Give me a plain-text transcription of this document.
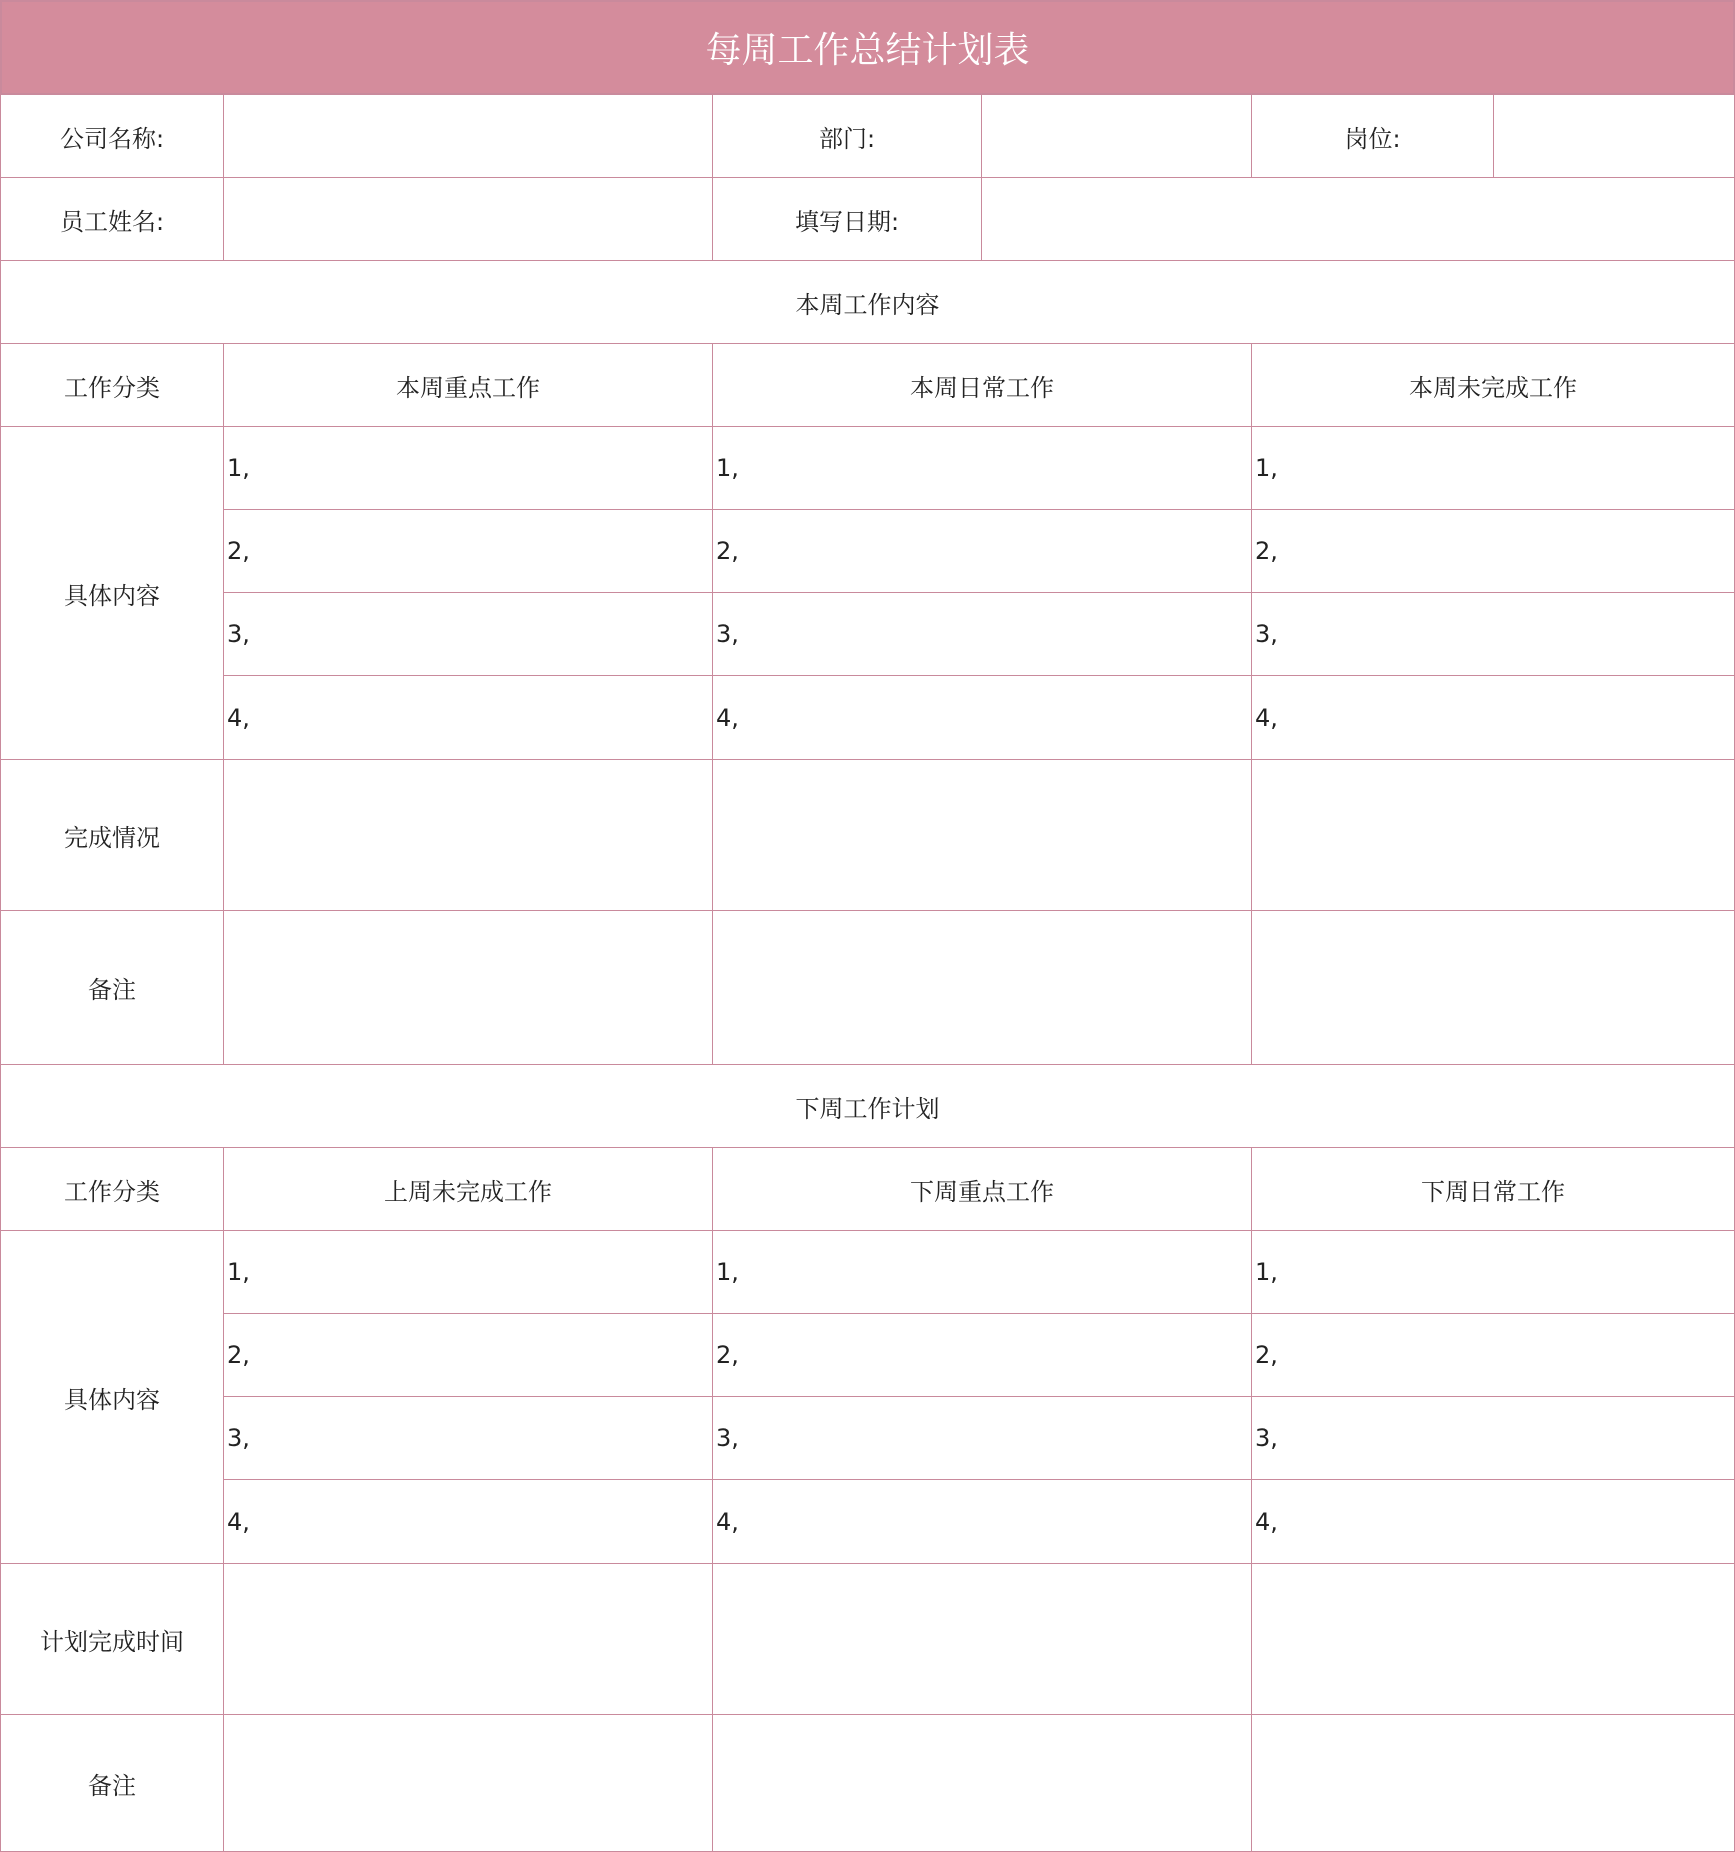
每周工作总结计划表
公司名称:	部门:	岗位:
员工姓名:	填写日期:
本周工作内容
工作分类	本周重点工作	本周日常工作	本周未完成工作
具体内容
1,	1,	1,
2,	2,	2,
3,	3,	3,
4,	4,	4,
完成情况
备注
下周工作计划
工作分类	上周未完成工作	下周重点工作	下周日常工作
具体内容
1,	1,	1,
2,	2,	2,
3,	3,	3,
4,	4,	4,
计划完成时间
备注
